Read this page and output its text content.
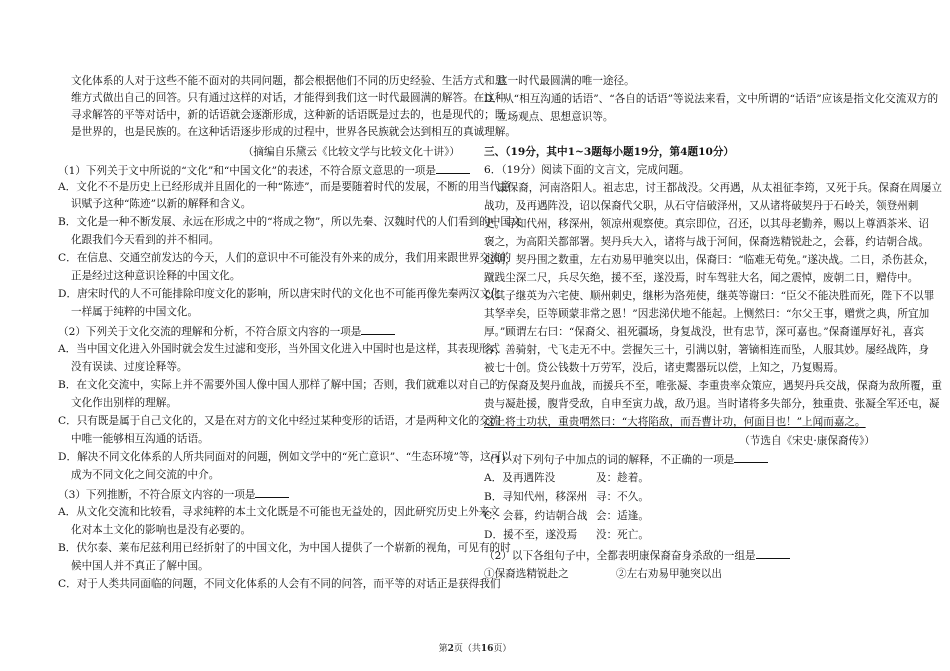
文化体系的人对于这些不能不面对的共同问题，都会根据他们不同的历史经验、生活方式和思
维方式做出自己的回答。只有通过这样的对话，才能得到我们这一时代最圆满的解答。在这种
寻求解答的平等对话中，新的话语就会逐渐形成，这种新的话语既是过去的，也是现代的；既
是世界的，也是民族的。在这种话语逐步形成的过程中，世界各民族就会达到相互的真诚理解。
（摘编自乐黛云《比较文学与比较文化十讲》）
（1）下列关于文中所说的“文化”和“中国文化”的表述，不符合原文意思的一项是
A．文化不不是历史上已经形成并且固化的一种“陈迹”，而是要随着时代的发展，不断的用当代意
识赋予这种“陈迹”以新的解释和含义。
B．文化是一种不断发展、永远在形成之中的“将成之物”，所以先秦、汉魏时代的人们看到的中国文
化跟我们今天看到的并不相同。
C．在信息、交通空前发达的今天，人们的意识中不可能没有外来的成分，我们用来跟世界交流的
正是经过这种意识诠释的中国文化。
D．唐宋时代的人不可能排除印度文化的影响，所以唐宋时代的文化也不可能再像先秦两汉文化
一样属于纯粹的中国文化。
（2）下列关于文化交流的理解和分析，不符合原文内容的一项是
A．当中国文化进入外国时就会发生过滤和变形，当外国文化进入中国时也是这样，其表现形式
没有误读、过度诠释等。
B．在文化交流中，实际上并不需要外国人像中国人那样了解中国；否则，我们就难以对自己的
文化作出别样的理解。
C．只有既是属于自己文化的，又是在对方的文化中经过某种变形的话语，才是两种文化的交流
中唯一能够相互沟通的话语。
D．解决不同文化体系的人所共同面对的问题，例如文学中的“死亡意识”、“生态环境”等，这可以
成为不同文化之间交流的中介。
（3）下列推断，不符合原文内容的一项是
A．从文化交流和比较看，寻求纯粹的本土文化既是不可能也无益处的，因此研究历史上外来文
化对本土文化的影响也是没有必要的。
B．伏尔泰、莱布尼兹利用已经折射了的中国文化，为中国人提供了一个崭新的视角，可见有的时
候中国人并不真正了解中国。
C．对于人类共同面临的问题，不同文化体系的人会有不同的问答，而平等的对话正是获得我们
这一时代最圆满的唯一途径。
D．从“相互沟通的话语”、“各自的话语”等说法来看，文中所谓的“话语”应该是指文化交流双方的
立场观点、思想意识等。
三、（19分，其中1~3题每小题19分，第4题10分）
6．（19分）阅读下面的文言文，完成问题。
康保裔，河南洛阳人。祖志忠，讨王都战没。父再遇，从太祖征李筠，又死于兵。保裔在周屡立
战功，及再遇阵没，诏以保裔代父职，从石守信破泽州，又从诸将破契丹于石岭关，领登州刺
史。寻知代州，移深州，领凉州观察使。真宗即位，召还，以其母老勤养，赐以上尊酒茶米、诏
褒之，为高阳关都部署。契丹兵大入，诸将与战于河间，保裔选精锐赴之，会暮，约诘朝合战。
迟明，契丹围之数重，左右劝易甲驰突以出，保裔曰：“临难无苟免。”遂决战。二日，杀伤甚众，
蹴践尘深二尺，兵尽矢绝，援不至，遂没焉，时车驾驻大名，闻之震悼，废朝二日，赠侍中。
以其子继英为六宅使、顺州刺史，继彬为洛苑使，继英等谢曰：“臣父不能决胜而死，陛下不以罪
其孥幸矣，臣等顾蒙非常之恩！”因悲涕伏地不能起。上恻然曰：“尔父王事，赠赏之典，所宜加
厚。”顾谓左右曰：“保裔父、祖死疆场，身复战没，世有忠节，深可嘉也。”保裔谨厚好礼，喜宾
客，善骑射，弋飞走无不中。尝握矢三十，引满以射，箸镝相连而坠，人服其妙。屡经战阵，身
被七十创。贷公钱数十万劳军，没后，诸吏鬻器玩以偿，上知之，乃复赐焉。
方保裔及契丹血战，而援兵不至，唯张凝、李重贵率众策应，遇契丹兵交战，保裔为敌所覆，重
贵与凝赴援，腹背受敌，自申至寅力战，敌乃退。当时诸将多失部分，独重贵、张凝全军还屯，凝
这上将士功状，重贵喟然曰：“大将陷敌，而吾曹计功，何面目也！”上闻而嘉之。
（节选自《宋史·康保裔传》）
（1）对下列句子中加点的词的解释，不正确的一项是
A．及再遇阵没	及：趁着。
B．寻知代州，移深州 寻：不久。
C．会暮，约诘朝合战 会：适逢。
D．援不至，遂没焉 没：死亡。
（2）以下各组句子中，全都表明康保裔奋身杀敌的一组是
①保裔选精锐赴之	②左右劝易甲驰突以出
第2页（共16页）
